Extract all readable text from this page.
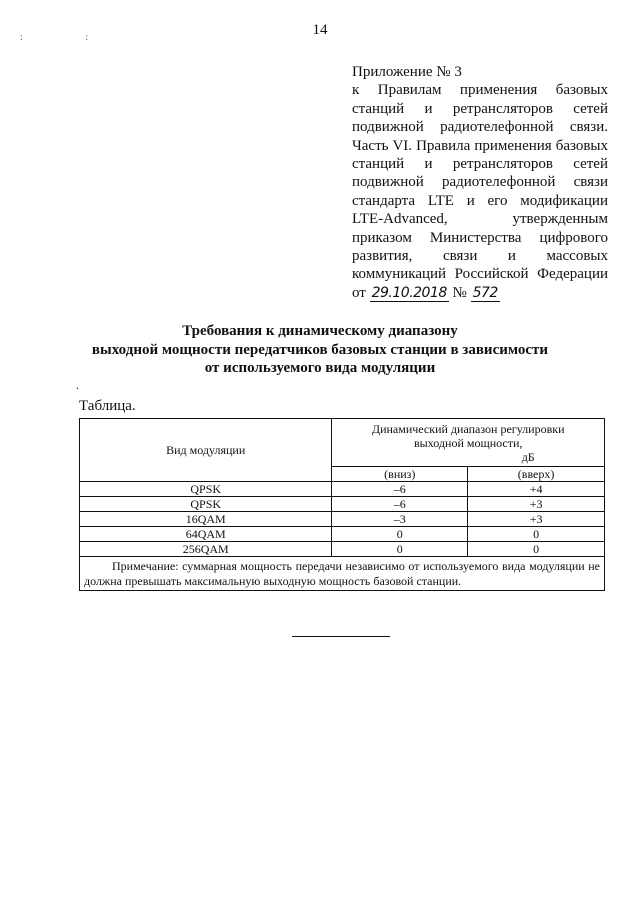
14
: :
Приложение № 3
к Правилам применения базовых
станций и ретрансляторов сетей
подвижной радиотелефонной связи.
Часть VI. Правила применения базовых
станций и ретрансляторов сетей
подвижной радиотелефонной связи
стандарта LTE и его модификации
LTE-Advanced, утвержденным
приказом Министерства цифрового
развития, связи и массовых
коммуникаций Российской Федерации
от 29.10.2018 № 572
Требования к динамическому диапазону
выходной мощности передатчиков базовых станции в зависимости
от используемого вида модуляции
.
Таблица.
Вид модуляции	Динамический диапазон регулировки
выходной мощности,
дБ	

	(вниз)	(вверх)
QPSK	–6	+4
QPSK	–6	+3
16QAM	–3	+3
64QAM	0	0
256QAM	0	0
Примечание: суммарная мощность передачи независимо от используемого вида модуляции не должна превышать максимальную выходную мощность базовой станции.		
